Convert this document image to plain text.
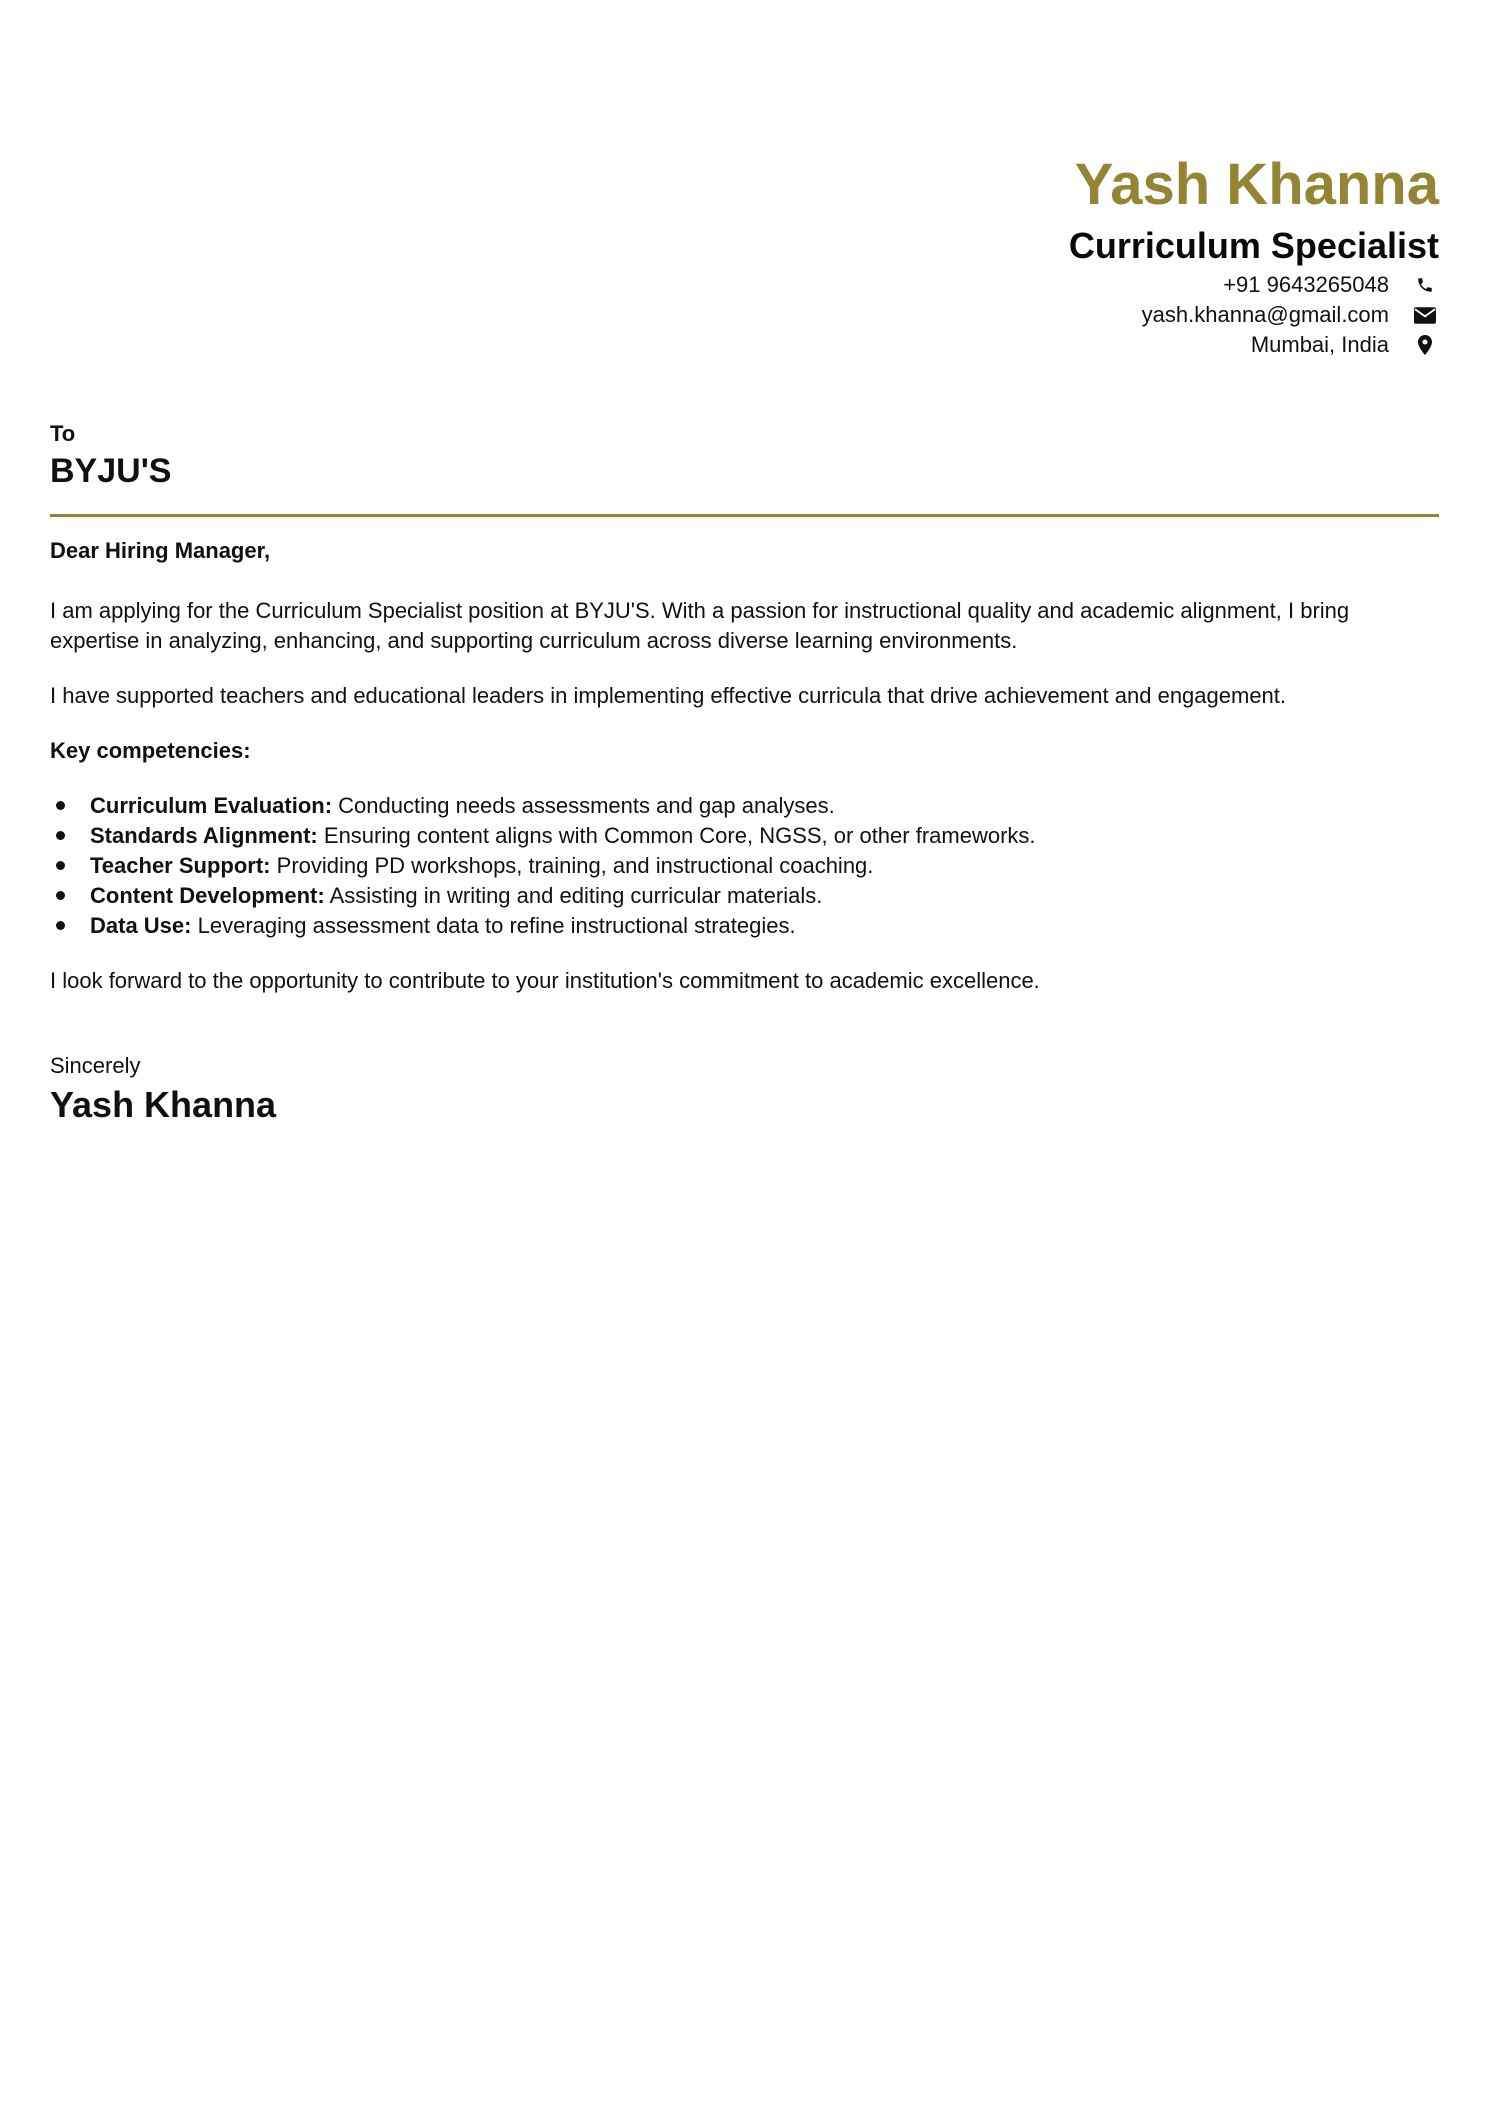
Yash Khanna
Curriculum Specialist
+91 9643265048
yash.khanna@gmail.com
Mumbai, India
To
BYJU'S

Dear Hiring Manager,

I am applying for the Curriculum Specialist position at BYJU'S. With a passion for instructional quality and academic alignment, I bring expertise in analyzing, enhancing, and supporting curriculum across diverse learning environments.

I have supported teachers and educational leaders in implementing effective curricula that drive achievement and engagement.

Key competencies:

Curriculum Evaluation: Conducting needs assessments and gap analyses.
Standards Alignment: Ensuring content aligns with Common Core, NGSS, or other frameworks.
Teacher Support: Providing PD workshops, training, and instructional coaching.
Content Development: Assisting in writing and editing curricular materials.
Data Use: Leveraging assessment data to refine instructional strategies.

I look forward to the opportunity to contribute to your institution's commitment to academic excellence.

Sincerely
Yash Khanna
